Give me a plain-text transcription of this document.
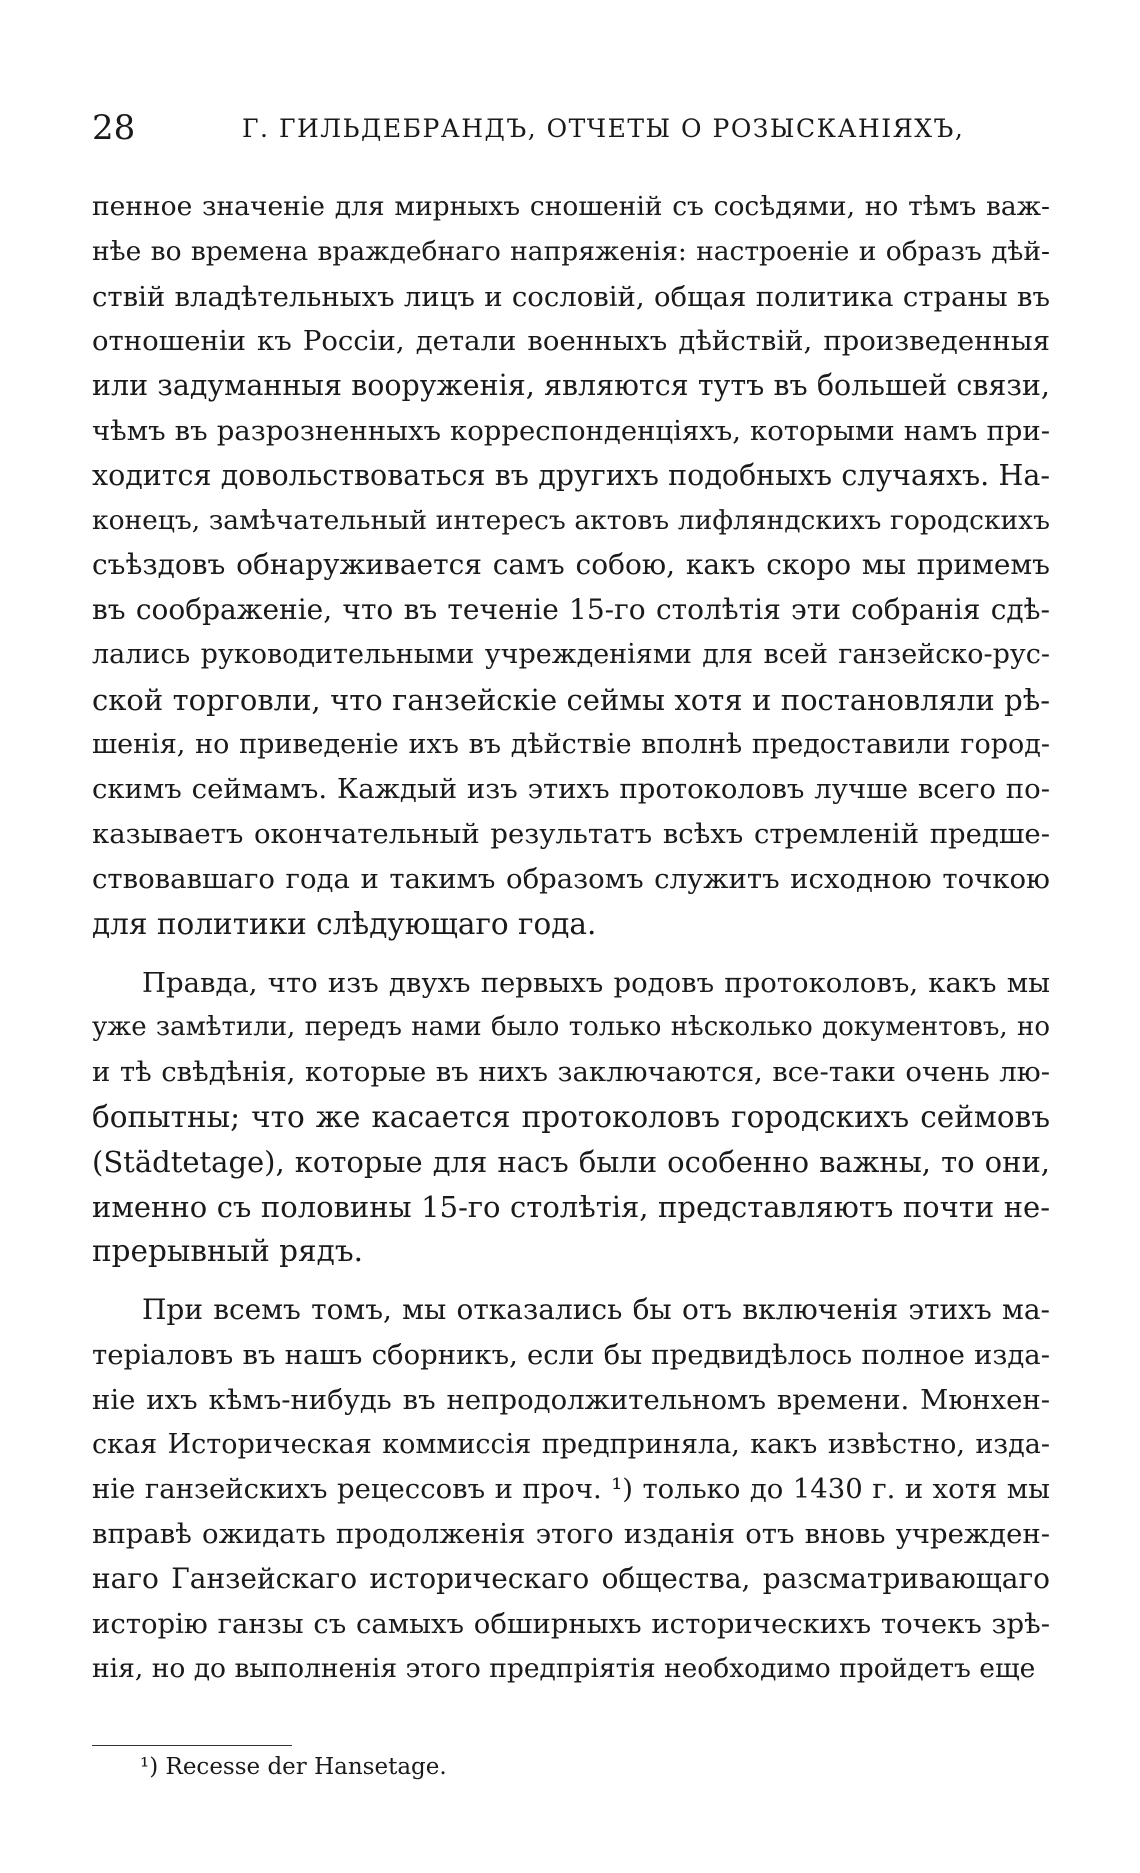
28	Г. ГИЛЬДЕБРАНДЪ, ОТЧЕТЫ О РОЗЫСКАНІЯХЪ,
пенное значеніе для мирныхъ сношеній съ сосѣдями, но тѣмъ важ-
нѣе во времена враждебнаго напряженія: настроеніе и образъ дѣй-
ствій владѣтельныхъ лицъ и сословій, общая политика страны въ
отношеніи къ Россіи, детали военныхъ дѣйствій, произведенныя
или задуманныя вооруженія, являются тутъ въ большей связи,
чѣмъ въ разрозненныхъ корреспонденціяхъ, которыми намъ при-
ходится довольствоваться въ другихъ подобныхъ случаяхъ. На-
конецъ, замѣчательный интересъ актовъ лифляндскихъ городскихъ
съѣздовъ обнаруживается самъ собою, какъ скоро мы примемъ
въ соображеніе, что въ теченіе 15-го столѣтія эти собранія сдѣ-
лались руководительными учрежденіями для всей ганзейско-рус-
ской торговли, что ганзейскіе сеймы хотя и постановляли рѣ-
шенія, но приведеніе ихъ въ дѣйствіе вполнѣ предоставили город-
скимъ сеймамъ. Каждый изъ этихъ протоколовъ лучше всего по-
казываетъ окончательный результатъ всѣхъ стремленій предше-
ствовавшаго года и такимъ образомъ служитъ исходною точкою
для политики слѣдующаго года.
Правда, что изъ двухъ первыхъ родовъ протоколовъ, какъ мы
уже замѣтили, передъ нами было только нѣсколько документовъ, но
и тѣ свѣдѣнія, которые въ нихъ заключаются, все-таки очень лю-
бопытны; что же касается протоколовъ городскихъ сеймовъ
(Städtetage), которые для насъ были особенно важны, то они,
именно съ половины 15-го столѣтія, представляютъ почти не-
прерывный рядъ.
При всемъ томъ, мы отказались бы отъ включенія этихъ ма-
теріаловъ въ нашъ сборникъ, если бы предвидѣлось полное изда-
ніе ихъ кѣмъ-нибудь въ непродолжительномъ времени. Мюнхен-
ская Историческая коммиссія предприняла, какъ извѣстно, изда-
ніе ганзейскихъ рецессовъ и проч. ¹) только до 1430 г. и хотя мы
вправѣ ожидать продолженія этого изданія отъ вновь учрежден-
наго Ганзейскаго историческаго общества, разсматривающаго
исторію ганзы съ самыхъ обширныхъ историческихъ точекъ зрѣ-
нія, но до выполненія этого предпріятія необходимо пройдетъ еще
¹) Recesse der Hansetage.
